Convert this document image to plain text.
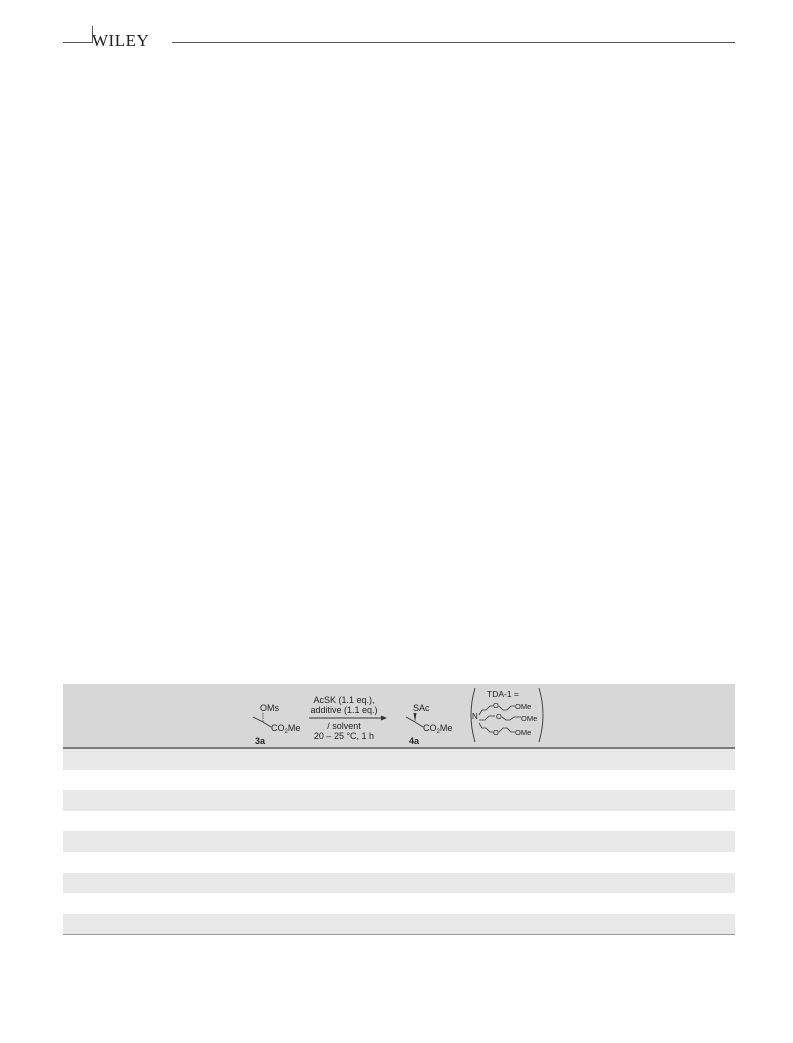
WILEY
OMs
$CO_2Me$
3a
AcSK (1.1 eq.),
additive (1.1 eq.)
/ solvent
20 – 25 °C, 1 h
SAc
$CO_2Me$
4a
TDA-1 =
N
O OMe
O	OMe
O OMe
